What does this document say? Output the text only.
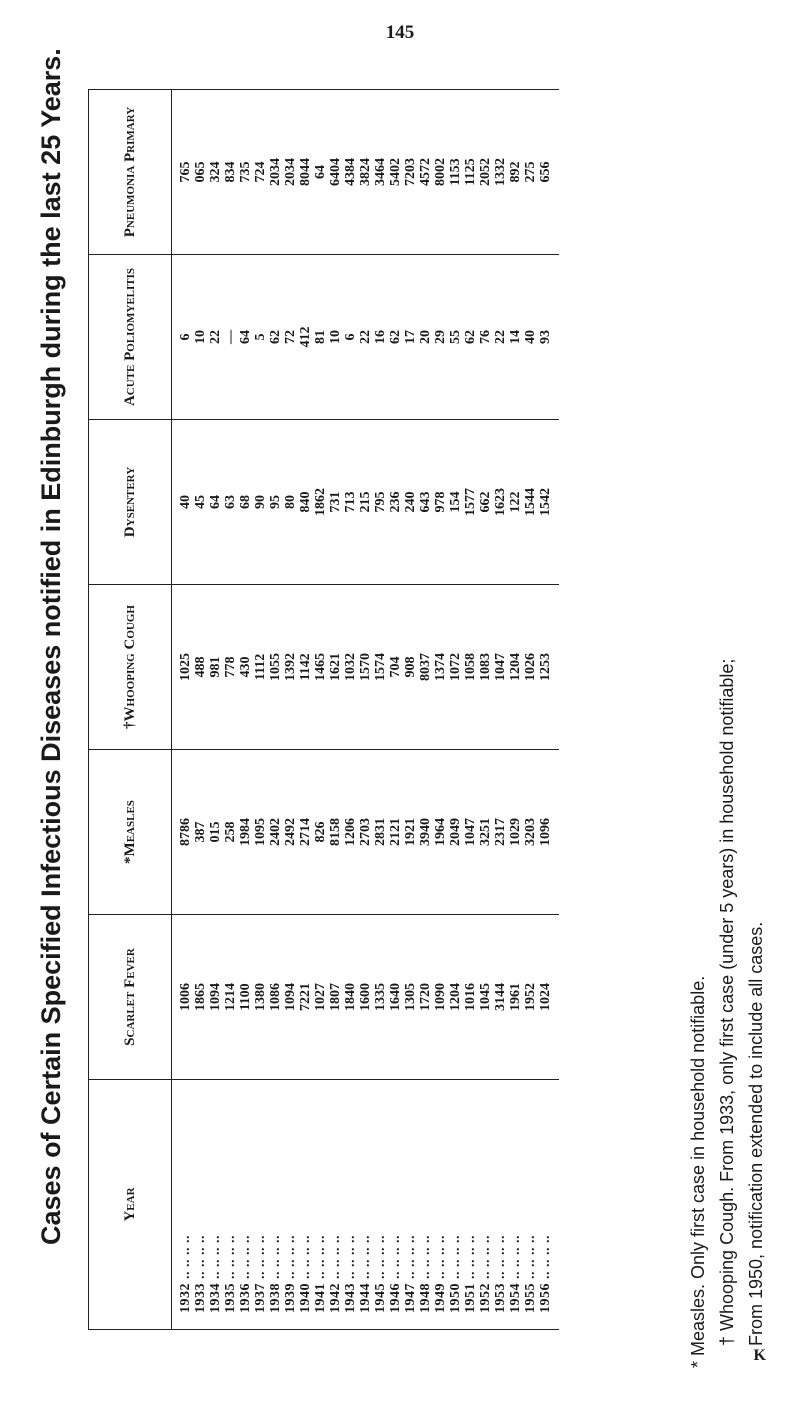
145
Cases of Certain Specified Infectious Diseases notified in Edinburgh during the last 25 Years.	Year	Scarlet Fever	*Measles	†Whooping Cough	Dysentery	Acute Poliomyelitis	Pneumonia Primary
1932 .. .. .. ..	1006	8786	1025	40	6	765
1933 .. .. .. ..	1865	387	488	45	10	065
1934 .. .. .. ..	1094	015	981	64	22	324
1935 .. .. .. ..	1214	258	778	63	—	834
1936 .. .. .. ..	1100	1984	430	68	64	735
1937 .. .. .. ..	1380	1095	1112	90	5	724
1938 .. .. .. ..	1086	2402	1055	95	62	2034
1939 .. .. .. ..	1094	2492	1392	80	72	2034
1940 .. .. .. ..	7221	2714	1142	840	412	8044
1941 .. .. .. ..	1027	826	1465	1862	81	64
1942 .. .. .. ..	1807	8158	1621	731	10	6404
1943 .. .. .. ..	1840	1206	1032	713	6	4384
1944 .. .. .. ..	1600	2703	1570	215	22	3824
1945 .. .. .. ..	1335	2831	1574	795	16	3464
1946 .. .. .. ..	1640	2121	704	236	62	5402
1947 .. .. .. ..	1305	1921	908	240	17	7203
1948 .. .. .. ..	1720	3940	8037	643	20	4572
1949 .. .. .. ..	1090	1964	1374	978	29	8002
1950 .. .. .. ..	1204	2049	1072	154	55	1153
1951 .. .. .. ..	1016	1047	1058	1577	62	1125
1952 .. .. .. ..	1045	3251	1083	662	76	2052
1953 .. .. .. ..	3144	2317	1047	1623	22	1332
1954 .. .. .. ..	1961	1029	1204	122	14	892
1955 .. .. .. ..	1952	3203	1026	1544	40	275
1956 .. .. .. ..	1024	1096	1253	1542	93	656
* Measles. Only first case in household notifiable. † Whooping Cough. From 1933, only first case (under 5 years) in household notifiable; From 1950, notification extended to include all cases.
K
